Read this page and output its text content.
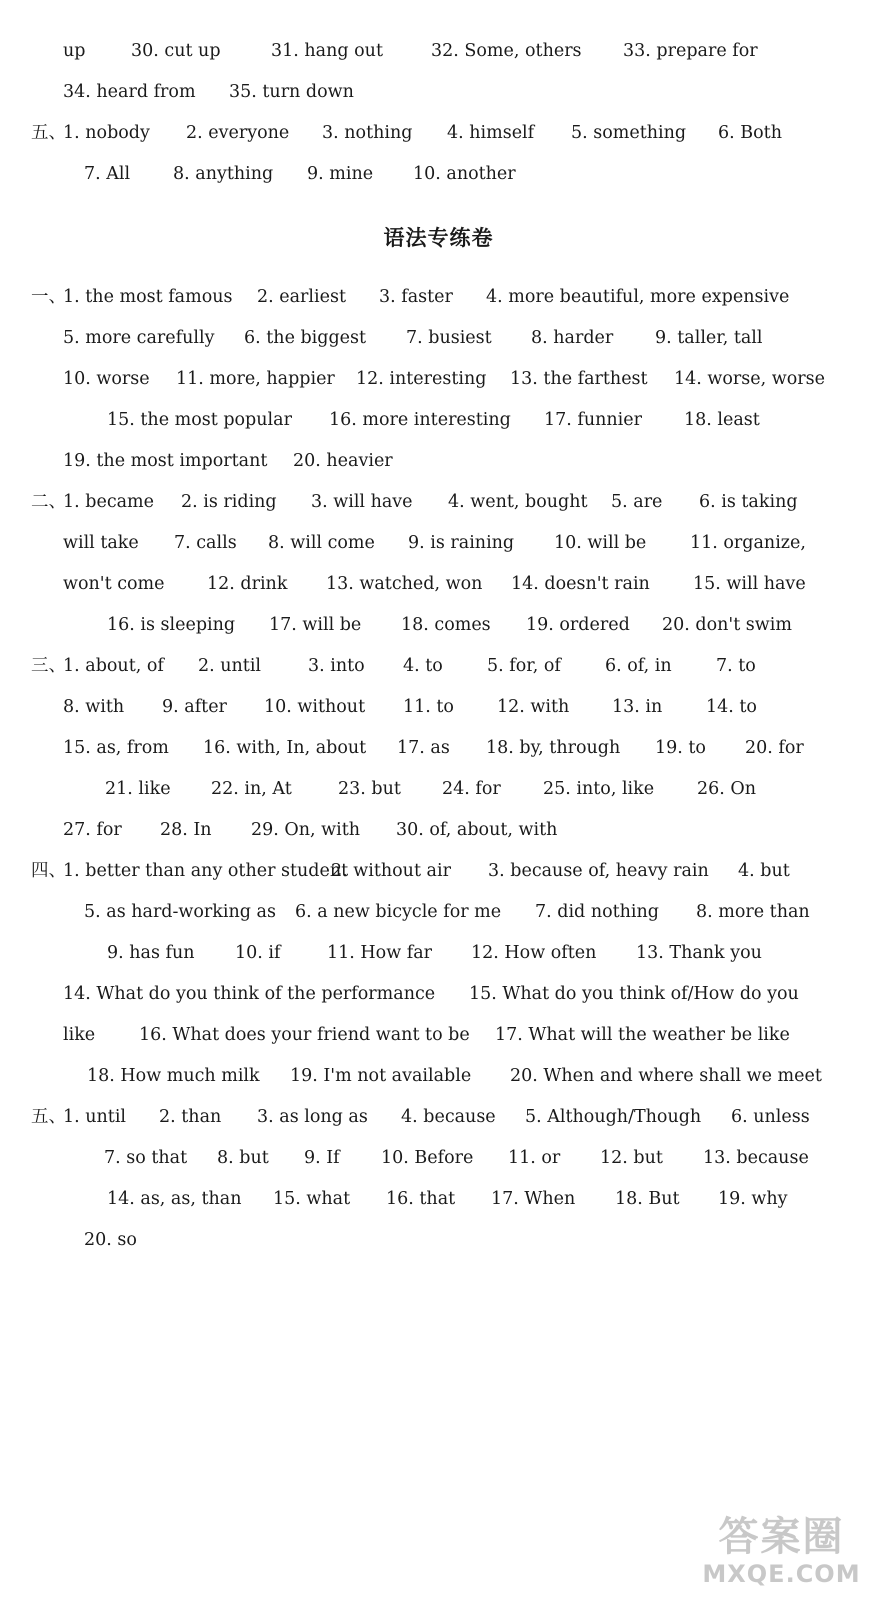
up	30. cut up	31. hang out	32. Some, others 33. prepare for
34. heard from 35. turn down
五、
1. nobody 2. everyone 3. nothing 4. himself 5. something 6. Both
7. All 8. anything 9. mine 10. another
语法专练卷
一、
1. the most famous 2. earliest 3. faster 4. more beautiful, more expensive
5. more carefully 6. the biggest 7. busiest 8. harder 9. taller, tall
10. worse 11. more, happier 12. interesting 13. the farthest 14. worse, worse
15. the most popular 16. more interesting 17. funnier 18. least
19. the most important 20. heavier
二、
1. became 2. is riding 3. will have 4. went, bought 5. are 6. is taking
will take 7. calls 8. will come 9. is raining 10. will be 11. organize,
won't come 12. drink 13. watched, won 14. doesn't rain 15. will have
16. is sleeping 17. will be 18. comes 19. ordered 20. don't swim
三、
1. about, of 2. until	3. into 4. to	5. for, of	6. of, in	7. to
8. with 9. after 10. without 11. to 12. with 13. in 14. to
15. as, from 16. with, In, about 17. as 18. by, through 19. to 20. for
21. like 22. in, At	23. but 24. for 25. into, like 26. On
27. for 28. In 29. On, with 30. of, about, with
四、
1. better than any other student
2. without air 3. because of, heavy rain 4. but
5. as hard-working as 6. a new bicycle for me 7. did nothing 8. more than
9. has fun 10. if	11. How far 12. How often 13. Thank you
14. What do you think of the performance 15. What do you think of/How do you
like	16. What does your friend want to be 17. What will the weather be like
18. How much milk 19. I'm not available 20. When and where shall we meet
五、
1. until 2. than 3. as long as 4. because 5. Although/Though 6. unless
7. so that 8. but 9. If 10. Before 11. or 12. but 13. because
14. as, as, than 15. what 16. that 17. When 18. But 19. why
20. so
答案圈
MXQE.COM
